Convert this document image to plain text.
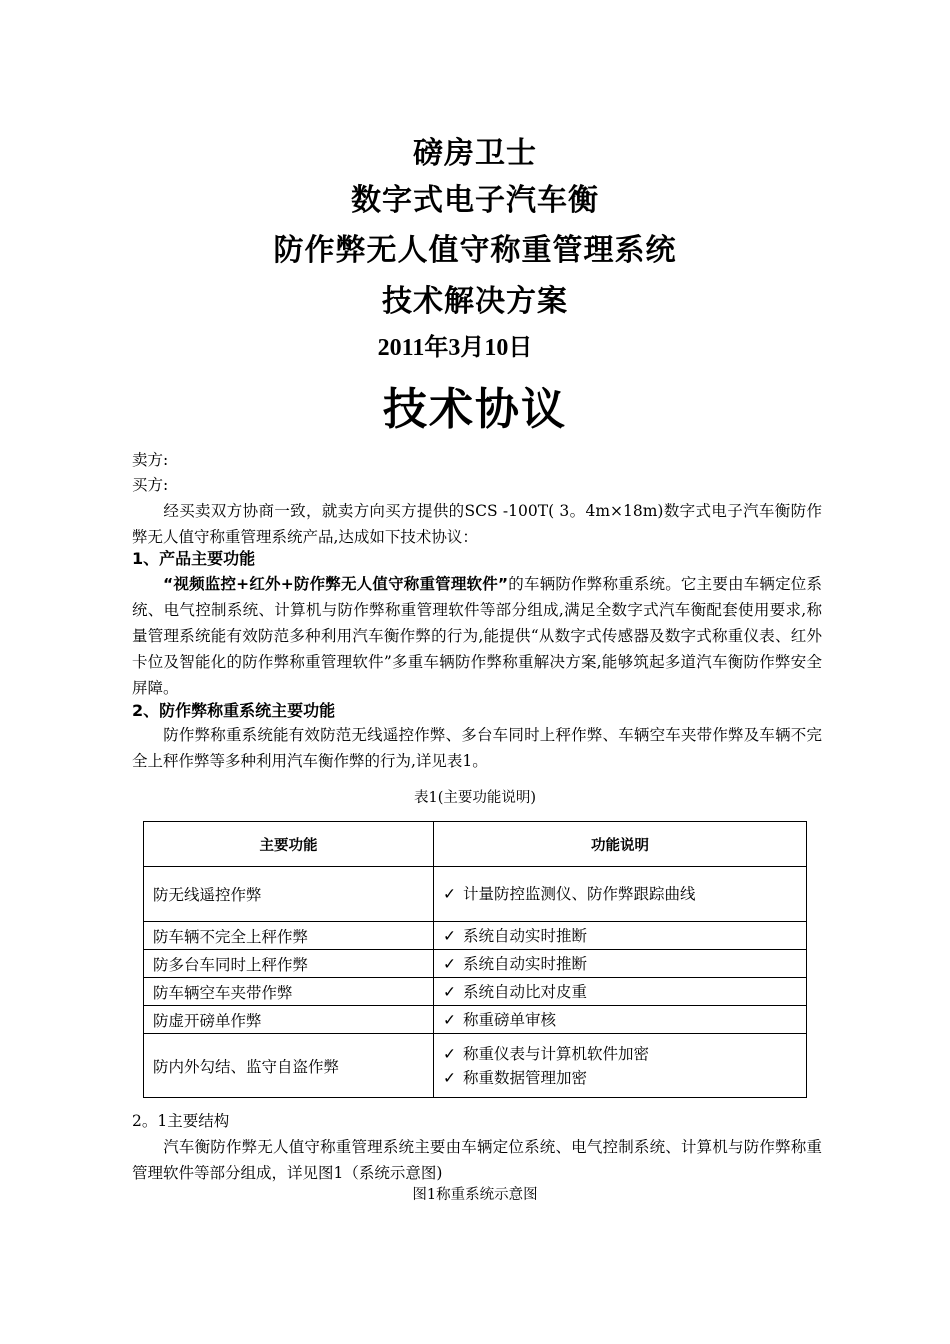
磅房卫士
数字式电子汽车衡
防作弊无人值守称重管理系统
技术解决方案
2011年3月10日
技术协议
卖方:
买方:
经买卖双方协商一致，就卖方向买方提供的SCS -100T( 3。4m×18m)数字式电子汽车衡防作弊无人值守称重管理系统产品,达成如下技术协议：
1、产品主要功能
“视频监控+红外+防作弊无人值守称重管理软件”的车辆防作弊称重系统。它主要由车辆定位系统、电气控制系统、计算机与防作弊称重管理软件等部分组成,满足全数字式汽车衡配套使用要求,称量管理系统能有效防范多种利用汽车衡作弊的行为,能提供“从数字式传感器及数字式称重仪表、红外卡位及智能化的防作弊称重管理软件”多重车辆防作弊称重解决方案,能够筑起多道汽车衡防作弊安全屏障。
2、防作弊称重系统主要功能
防作弊称重系统能有效防范无线遥控作弊、多台车同时上秤作弊、车辆空车夹带作弊及车辆不完全上秤作弊等多种利用汽车衡作弊的行为,详见表1。
表1(主要功能说明)
主要功能	功能说明
防无线遥控作弊	✓ 计量防控监测仪、防作弊跟踪曲线

防车辆不完全上秤作弊	✓ 系统自动实时推断

防多台车同时上秤作弊	✓ 系统自动实时推断

防车辆空车夹带作弊	✓ 系统自动比对皮重

防虚开磅单作弊	✓ 称重磅单审核

防内外勾结、监守自盗作弊	✓ 称重仪表与计算机软件加密
✓ 称重数据管理加密
2。1主要结构
汽车衡防作弊无人值守称重管理系统主要由车辆定位系统、电气控制系统、计算机与防作弊称重管理软件等部分组成，详见图1（系统示意图)
图1称重系统示意图
